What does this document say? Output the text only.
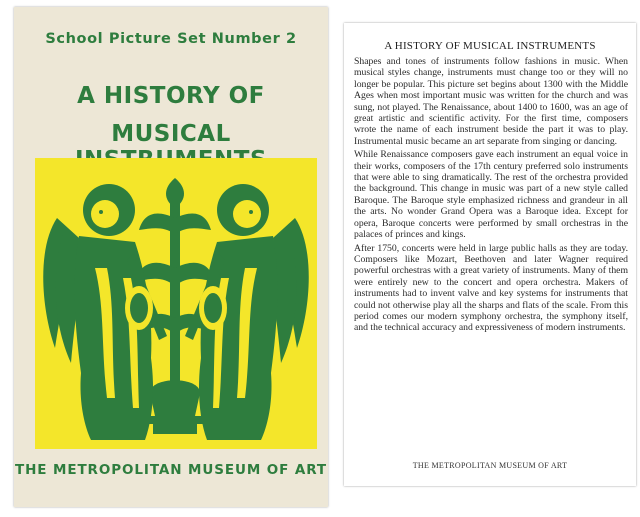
School Picture Set Number 2
A HISTORY OF
MUSICAL
THE METROPOLITAN MUSEUM OF ART
A HISTORY OF MUSICAL INSTRUMENTS

Shapes and tones of instruments follow fashions in music. When musical styles change, instruments must change too or they will no longer be popular. This picture set begins about 1300 with the Middle Ages when most important music was written for the church and was sung, not played. The Renaissance, about 1400 to 1600, was an age of great artistic and scientific activity. For the first time, composers wrote the name of each instrument beside the part it was to play. Instrumental music became an art separate from singing or dancing.

While Renaissance composers gave each instrument an equal voice in their works, composers of the 17th century preferred solo instruments that were able to sing dramatically. The rest of the orchestra provided the background. This change in music was part of a new style called Baroque. The Baroque style emphasized richness and grandeur in all the arts. No wonder Grand Opera was a Baroque idea. Except for opera, Baroque concerts were performed by small orchestras in the palaces of princes and kings.

After 1750, concerts were held in large public halls as they are today. Composers like Mozart, Beethoven and later Wagner required powerful orchestras with a great variety of instruments. Many of them were entirely new to the concert and opera orchestra. Makers of instruments had to invent valve and key systems for instruments that could not otherwise play all the sharps and flats of the scale. From this period comes our modern symphony orchestra, the symphony itself, and the technical accuracy and expressiveness of modern instruments.

THE METROPOLITAN MUSEUM OF ART
